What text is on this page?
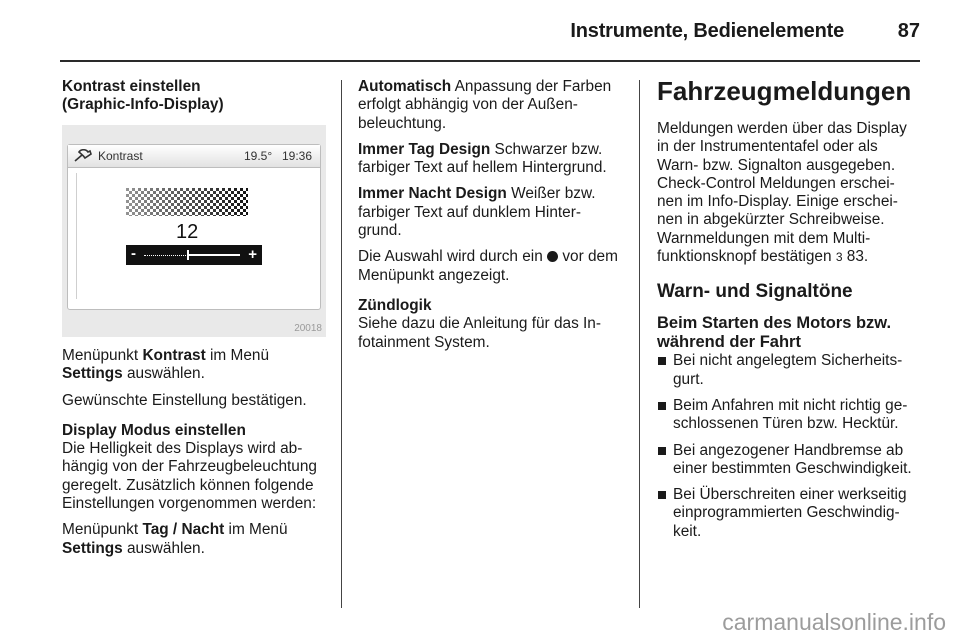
Instrumente, Bedienelemente	87
Kontrast einstellen
(Graphic-Info-Display)
Kontrast	19.5° 19:36
12
-	+
20018

Menüpunkt Kontrast im Menü
Settings auswählen.

Gewünschte Einstellung bestätigen.

Display Modus einstellen

Die Helligkeit des Displays wird ab-
hängig von der Fahrzeugbeleuchtung
geregelt. Zusätzlich können folgende
Einstellungen vorgenommen werden:

Menüpunkt Tag / Nacht im Menü
Settings auswählen.

Automatisch Anpassung der Farben
erfolgt abhängig von der Außen-
beleuchtung.

Immer Tag Design Schwarzer bzw.
farbiger Text auf hellem Hintergrund.

Immer Nacht Design Weißer bzw.
farbiger Text auf dunklem Hinter-
grund.

Die Auswahl wird durch ein  vor dem
Menüpunkt angezeigt.

Zündlogik

Siehe dazu die Anleitung für das In-
fotainment System.

Fahrzeugmeldungen

Meldungen werden über das Display
in der Instrumententafel oder als
Warn- bzw. Signalton ausgegeben.
Check-Control Meldungen erschei-
nen im Info-Display. Einige erschei-
nen in abgekürzter Schreibweise.
Warnmeldungen mit dem Multi-
funktionsknopf bestätigen 3 83.

Warn- und Signaltöne
Beim Starten des Motors bzw.
während der Fahrt
Bei nicht angelegtem Sicherheits-
gurt.
Beim Anfahren mit nicht richtig ge-
schlossenen Türen bzw. Hecktür.
Bei angezogener Handbremse ab
einer bestimmten Geschwindigkeit.
Bei Überschreiten einer werkseitig
einprogrammierten Geschwindig-
keit.
carmanualsonline.info
